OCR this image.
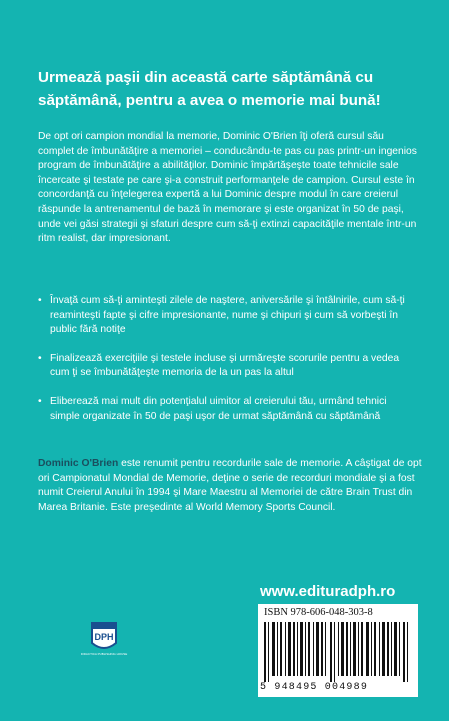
Urmează paşii din această carte săptămână cu săptămână, pentru a avea o memorie mai bună!
De opt ori campion mondial la memorie, Dominic O'Brien îţi oferă cursul său complet de îmbunătăţire a memoriei – conducându-te pas cu pas printr-un ingenios program de îmbunătăţire a abilităţilor. Dominic împărtăşeşte toate tehnicile sale încercate şi testate pe care şi-a construit performanţele de campion. Cursul este în concordanţă cu înţelegerea expertă a lui Dominic despre modul în care creierul răspunde la antrenamentul de bază în memorare şi este organizat în 50 de paşi, unde vei găsi strategii şi sfaturi despre cum să-ţi extinzi capacităţile mentale într-un ritm realist, dar impresionant.
• Învaţă cum să-ţi aminteşti zilele de naştere, aniversările şi întâlnirile, cum să-ţi reaminteşti fapte şi cifre impresionante, nume şi chipuri şi cum să vorbeşti în public fără notiţe
• Finalizează exerciţiile şi testele incluse şi urmăreşte scorurile pentru a vedea cum ţi se îmbunătăţeşte memoria de la un pas la altul
• Eliberează mai mult din potenţialul uimitor al creierului tău, urmând tehnici simple organizate în 50 de paşi uşor de urmat săptămână cu săptămână
Dominic O'Brien este renumit pentru recordurile sale de memorie. A câştigat de opt ori Campionatul Mondial de Memorie, deţine o serie de recorduri mondiale şi a fost numit Creierul Anului în 1994 şi Mare Maestru al Memoriei de către Brain Trust din Marea Britanie. Este preşedinte al World Memory Sports Council.
DPH
DIDACTICA PUBLISHING HOUSE
www.edituradph.ro
ISBN 978-606-048-303-8
5 948495 004989
